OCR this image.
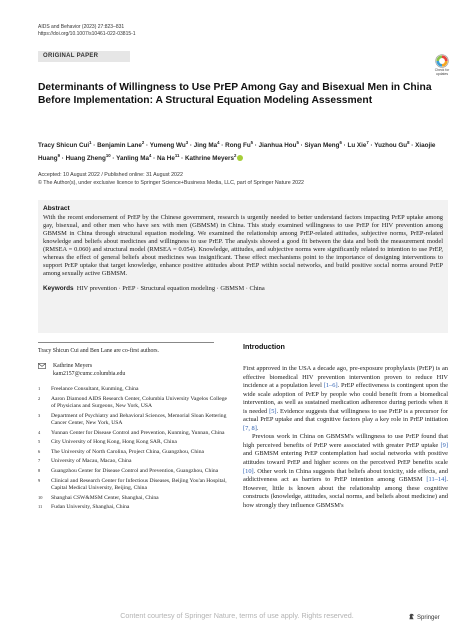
AIDS and Behavior (2023) 27:823–831
https://doi.org/10.1007/s10461-022-03815-1
Check for
updates
ORIGINAL PAPER
Determinants of Willingness to Use PrEP Among Gay and Bisexual Men in China Before Implementation: A Structural Equation Modeling Assessment
Tracy Shicun Cui$^1$ · Benjamin Lane$^2$ · Yumeng $Wu^3$ · Jing $Ma^4$ · Rong $Fu^5$ · Jianhua Hou$^5$ · Siyan Meng$^6$ · Lu Xie$^7$ · Yuzhou $Gu^8$ · Xiaojie Huang$^9$ · Huang Zheng$^{10}$ · Yanling $Ma^4 \cdot Na$ $He^{11}$ · Kathrine Meyers$^2$
Accepted: 10 August 2022 / Published online: 31 August 2022
© The Author(s), under exclusive licence to Springer Science+Business Media, LLC, part of Springer Nature 2022
Abstract

With the recent endorsement of PrEP by the Chinese government, research is urgently needed to better understand factors impacting PrEP uptake among gay, bisexual, and other men who have sex with men (GBMSM) in China. This study examined willingness to use PrEP for HIV prevention among GBMSM in China through structural equation modeling. We examined the relationship among PrEP-related attitudes, subjective norms, PrEP-related knowledge and beliefs about medicines and willingness to use PrEP. The analysis showed a good fit between the data and both the measurement model (RMSEA = 0.060) and structural model (RMSEA = 0.054). Knowledge, attitudes, and subjective norms were significantly related to intention to use PrEP, whereas the effect of general beliefs about medicines was insignificant. These effect mechanisms point to the importance of designing interventions to support PrEP uptake that target knowledge, enhance positive attitudes about PrEP within social networks, and build positive social norms around PrEP among sexually active GBMSM.

Keywords HIV prevention · PrEP · Structural equation modeling · GBMSM · China

Tracy Shicun Cui and Ben Lane are co-first authors.
Kathrine Meyers
kam2157@cumc.columbia.edu
1	Freelance Consultant, Kunming, China
2	Aaron Diamond AIDS Research Center, Columbia University Vagelos College of Physicians and Surgeons, New York, USA
3	Department of Psychiatry and Behavioral Sciences, Memorial Sloan Kettering Cancer Center, New York, USA
4	Yunnan Center for Disease Control and Prevention, Kunming, Yunnan, China
5	City University of Hong Kong, Hong Kong SAR, China
6	The University of North Carolina, Project China, Guangzhou, China
7	University of Macau, Macao, China
8	Guangzhou Center for Disease Control and Prevention, Guangzhou, China
9	Clinical and Research Center for Infectious Diseases, Beijing You'an Hospital, Capital Medical University, Beijing, China
10	Shanghai CSW&MSM Center, Shanghai, China
11	Fudan University, Shanghai, China
Introduction

First approved in the USA a decade ago, pre-exposure prophylaxis (PrEP) is an effective biomedical HIV prevention intervention proven to reduce HIV incidence at a population level [1–6]. PrEP effectiveness is contingent upon the wide scale adoption of PrEP by people who could benefit from a biomedical intervention, as well as sustained medication adherence during periods when it is needed [5]. Evidence suggests that willingness to use PrEP is a precursor for actual PrEP uptake and that cognitive factors play a key role in PrEP initiation [7, 8].

Previous work in China on GBMSM's willingness to use PrEP found that high perceived benefits of PrEP were associated with greater PrEP uptake [9] and GBMSM entering PrEP contemplation had social networks with positive attitudes toward PrEP and higher scores on the perceived PrEP benefits scale [10]. Other work in China suggests that beliefs about toxicity, side effects, and addictiveness act as barriers to PrEP intention among GBMSM [11–14]. However, little is known about the relationship among these cognitive constructs (knowledge, attitudes, social norms, and beliefs about medicine) and how strongly they influence GBMSM's

Content courtesy of Springer Nature, terms of use apply. Rights reserved.	Springer
